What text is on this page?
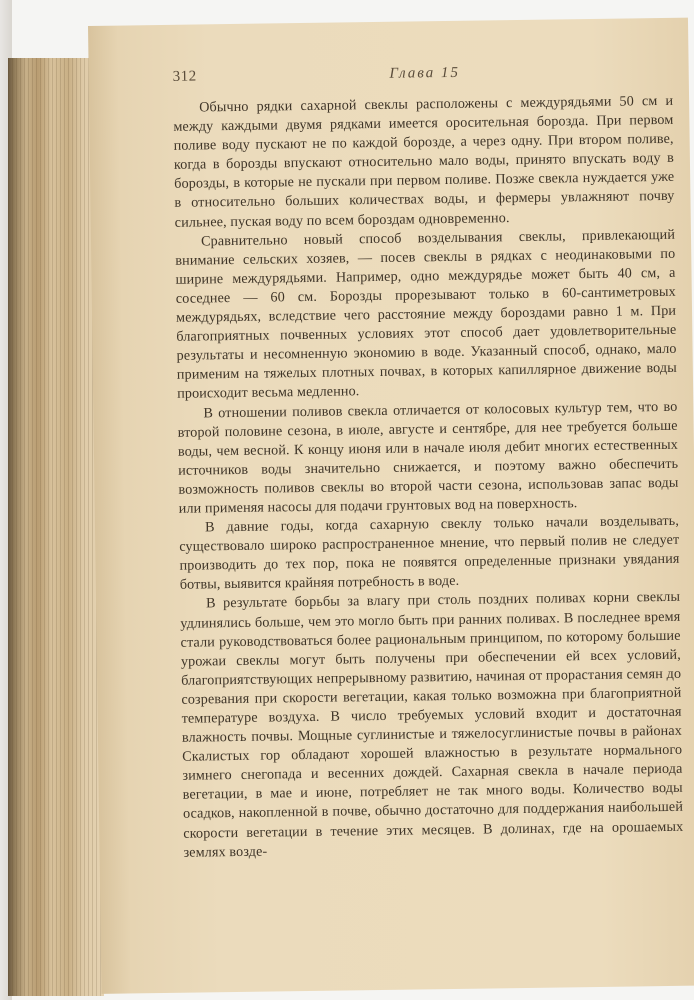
312	Глава 15

Обычно рядки сахарной свеклы расположены с междурядьями 50 см и между каждыми двумя рядками имеется оросительная борозда. При первом поливе воду пускают не по каждой борозде, а через одну. При втором поливе, когда в борозды впускают относительно мало воды, принято впускать воду в борозды, в которые не пускали при первом поливе. Позже свекла нуждается уже в относительно больших количествах воды, и фермеры увлажняют почву сильнее, пуская воду по всем бороздам одновременно.

Сравнительно новый способ возделывания свеклы, привлекающий внимание сельских хозяев, — посев свеклы в рядках с неодинаковыми по ширине междурядьями. Например, одно междурядье может быть 40 см, а соседнее — 60 см. Борозды прорезывают только в 60-сантиметровых междурядьях, вследствие чего расстояние между бороздами равно 1 м. При благоприятных почвенных условиях этот способ дает удовлетворительные результаты и несомненную экономию в воде. Указанный способ, однако, мало применим на тяжелых плотных почвах, в которых капиллярное движение воды происходит весьма медленно.

В отношении поливов свекла отличается от колосовых культур тем, что во второй половине сезона, в июле, августе и сентябре, для нее требуется больше воды, чем весной. К концу июня или в начале июля дебит многих естественных источников воды значительно снижается, и поэтому важно обеспечить возможность поливов свеклы во второй части сезона, использовав запас воды или применяя насосы для подачи грунтовых вод на поверхность.

В давние годы, когда сахарную свеклу только начали возделывать, существовало широко распространенное мнение, что первый полив не следует производить до тех пор, пока не появятся определенные признаки увядания ботвы, выявится крайняя потребность в воде.

В результате борьбы за влагу при столь поздних поливах корни свеклы удлинялись больше, чем это могло быть при ранних поливах. В последнее время стали руководствоваться более рациональным принципом, по которому большие урожаи свеклы могут быть получены при обеспечении ей всех условий, благоприятствующих непрерывному развитию, начиная от прорастания семян до созревания при скорости вегетации, какая только возможна при благоприятной температуре воздуха. В число требуемых условий входит и достаточная влажность почвы. Мощные суглинистые и тяжелосуглинистые почвы в районах Скалистых гор обладают хорошей влажностью в результате нормального зимнего снегопада и весенних дождей. Сахарная свекла в начале периода вегетации, в мае и июне, потребляет не так много воды. Количество воды осадков, накопленной в почве, обычно достаточно для поддержания наибольшей скорости вегетации в течение этих месяцев. В долинах, где на орошаемых землях возде-
